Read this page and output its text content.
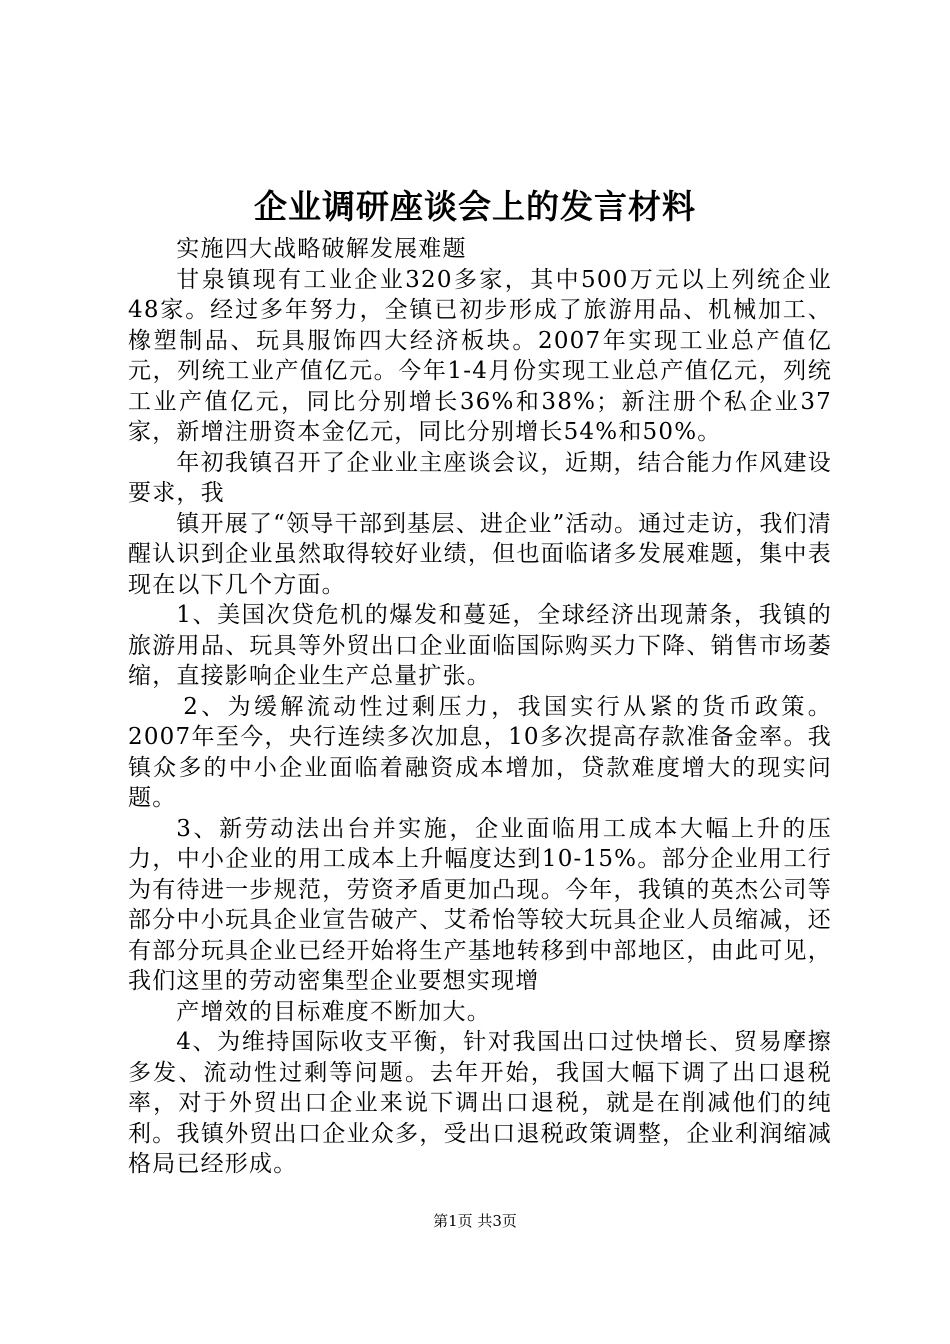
企业调研座谈会上的发言材料

实施四大战略破解发展难题

甘泉镇现有工业企业320多家，其中500万元以上列统企业48家。经过多年努力，全镇已初步形成了旅游用品、机械加工、橡塑制品、玩具服饰四大经济板块。2007年实现工业总产值亿元，列统工业产值亿元。今年1-4月份实现工业总产值亿元，列统工业产值亿元，同比分别增长36%和38%；新注册个私企业37家，新增注册资本金亿元，同比分别增长54%和50%。

年初我镇召开了企业业主座谈会议，近期，结合能力作风建设要求，我

镇开展了“领导干部到基层、进企业”活动。通过走访，我们清醒认识到企业虽然取得较好业绩，但也面临诸多发展难题，集中表现在以下几个方面。

1、美国次贷危机的爆发和蔓延，全球经济出现萧条，我镇的旅游用品、玩具等外贸出口企业面临国际购买力下降、销售市场萎缩，直接影响企业生产总量扩张。

2、为缓解流动性过剩压力，我国实行从紧的货币政策。2007年至今，央行连续多次加息，10多次提高存款准备金率。我镇众多的中小企业面临着融资成本增加，贷款难度增大的现实问题。

3、新劳动法出台并实施，企业面临用工成本大幅上升的压力，中小企业的用工成本上升幅度达到10-15%。部分企业用工行为有待进一步规范，劳资矛盾更加凸现。今年，我镇的英杰公司等部分中小玩具企业宣告破产、艾希怡等较大玩具企业人员缩减，还有部分玩具企业已经开始将生产基地转移到中部地区，由此可见，我们这里的劳动密集型企业要想实现增

产增效的目标难度不断加大。

4、为维持国际收支平衡，针对我国出口过快增长、贸易摩擦多发、流动性过剩等问题。去年开始，我国大幅下调了出口退税率，对于外贸出口企业来说下调出口退税，就是在削减他们的纯利。我镇外贸出口企业众多，受出口退税政策调整，企业利润缩减格局已经形成。

第1页 共3页
